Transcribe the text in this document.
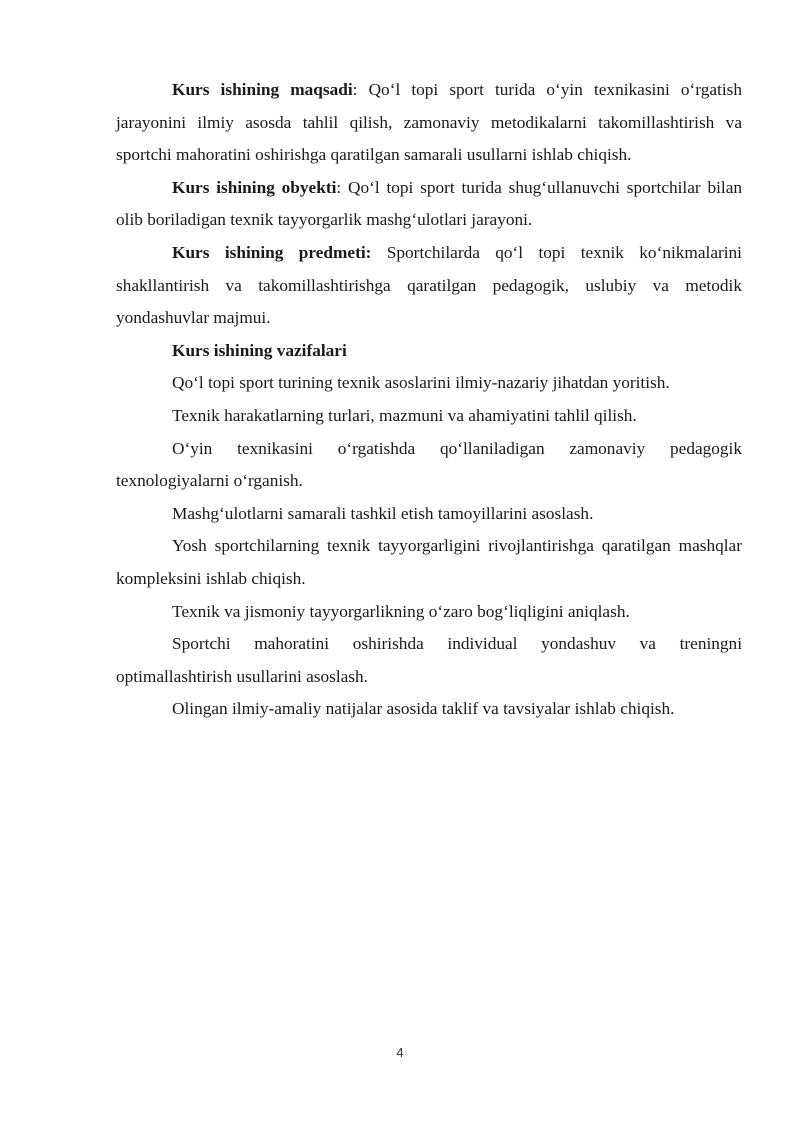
Kurs ishining maqsadi: Qo‘l topi sport turida o‘yin texnikasini o‘rgatish jarayonini ilmiy asosda tahlil qilish, zamonaviy metodikalarni takomillashtirish va sportchi mahoratini oshirishga qaratilgan samarali usullarni ishlab chiqish.

Kurs ishining obyekti: Qo‘l topi sport turida shug‘ullanuvchi sportchilar bilan olib boriladigan texnik tayyorgarlik mashg‘ulotlari jarayoni.

Kurs ishining predmeti: Sportchilarda qo‘l topi texnik ko‘nikmalarini shakllantirish va takomillashtirishga qaratilgan pedagogik, uslubiy va metodik yondashuvlar majmui.

Kurs ishining vazifalari

Qo‘l topi sport turining texnik asoslarini ilmiy-nazariy jihatdan yoritish.

Texnik harakatlarning turlari, mazmuni va ahamiyatini tahlil qilish.

O‘yin texnikasini o‘rgatishda qo‘llaniladigan zamonaviy pedagogik texnologiyalarni o‘rganish.

Mashg‘ulotlarni samarali tashkil etish tamoyillarini asoslash.

Yosh sportchilarning texnik tayyorgarligini rivojlantirishga qaratilgan mashqlar kompleksini ishlab chiqish.

Texnik va jismoniy tayyorgarlikning o‘zaro bog‘liqligini aniqlash.

Sportchi mahoratini oshirishda individual yondashuv va treningni optimallashtirish usullarini asoslash.

Olingan ilmiy-amaliy natijalar asosida taklif va tavsiyalar ishlab chiqish.

4
